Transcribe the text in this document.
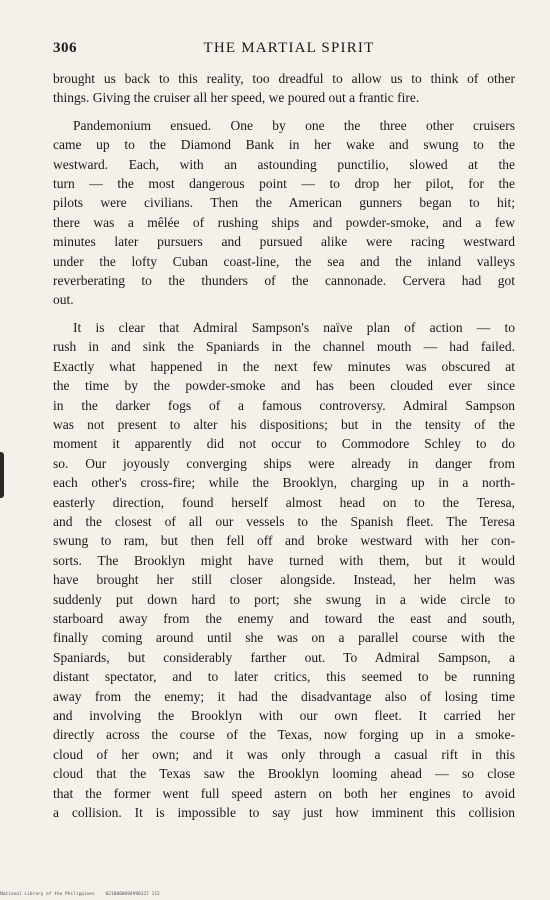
306	THE MARTIAL SPIRIT
brought us back to this reality, too dreadful to allow us to think of other
things. Giving the cruiser all her speed, we poured out a frantic fire.
Pandemonium ensued. One by one the three other cruisers
came up to the Diamond Bank in her wake and swung to the
westward. Each, with an astounding punctilio, slowed at the
turn — the most dangerous point — to drop her pilot, for the
pilots were civilians. Then the American gunners began to hit;
there was a mêlée of rushing ships and powder-smoke, and a few
minutes later pursuers and pursued alike were racing westward
under the lofty Cuban coast-line, the sea and the inland valleys
reverberating to the thunders of the cannonade. Cervera had got
out.
It is clear that Admiral Sampson's naïve plan of action — to
rush in and sink the Spaniards in the channel mouth — had failed.
Exactly what happened in the next few minutes was obscured at
the time by the powder-smoke and has been clouded ever since
in the darker fogs of a famous controversy. Admiral Sampson
was not present to alter his dispositions; but in the tensity of the
moment it apparently did not occur to Commodore Schley to do
so. Our joyously converging ships were already in danger from
each other's cross-fire; while the Brooklyn, charging up in a north-
easterly direction, found herself almost head on to the Teresa,
and the closest of all our vessels to the Spanish fleet. The Teresa
swung to ram, but then fell off and broke westward with her con-
sorts. The Brooklyn might have turned with them, but it would
have brought her still closer alongside. Instead, her helm was
suddenly put down hard to port; she swung in a wide circle to
starboard away from the enemy and toward the east and south,
finally coming around until she was on a parallel course with the
Spaniards, but considerably farther out. To Admiral Sampson, a
distant spectator, and to later critics, this seemed to be running
away from the enemy; it had the disadvantage also of losing time
and involving the Brooklyn with our own fleet. It carried her
directly across the course of the Texas, now forging up in a smoke-
cloud of her own; and it was only through a casual rift in this
cloud that the Texas saw the Brooklyn looming ahead — so close
that the former went full speed astern on both her engines to avoid
a collision. It is impossible to say just how imminent this collision
National Library of the Philippines 0210000094990127 112
